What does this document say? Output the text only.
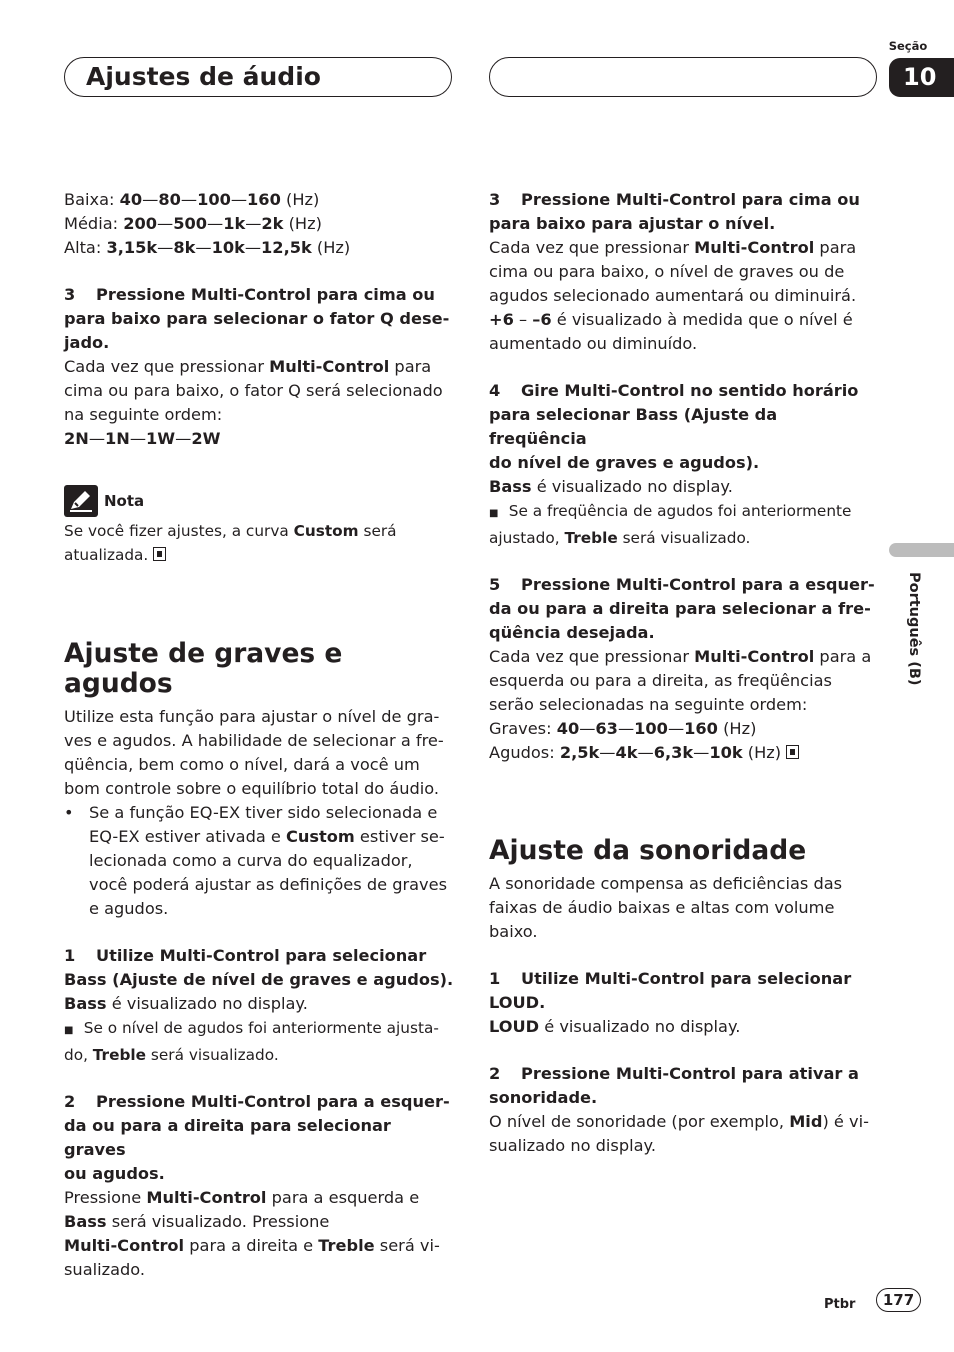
Seção
10
Ajustes de áudio
Português (B)
Baixa: 40—80—100—160 (Hz)
Média: 200—500—1k—2k (Hz)
Alta: 3,15k—8k—10k—12,5k (Hz)
3 Pressione Multi-Control para cima ou
para baixo para selecionar o fator Q dese-
jado.
Cada vez que pressionar Multi-Control para
cima ou para baixo, o fator Q será selecionado
na seguinte ordem:
2N—1N—1W—2W
Nota
Se você fizer ajustes, a curva Custom será
atualizada.
Ajuste de graves e agudos
Utilize esta função para ajustar o nível de gra-
ves e agudos. A habilidade de selecionar a fre-
qüência, bem como o nível, dará a você um
bom controle sobre o equilíbrio total do áudio.
• Se a função EQ-EX tiver sido selecionada e
EQ-EX estiver ativada e Custom estiver se-
lecionada como a curva do equalizador,
você poderá ajustar as definições de graves
e agudos.
1 Utilize Multi-Control para selecionar
Bass (Ajuste de nível de graves e agudos).
Bass é visualizado no display.
■ Se o nível de agudos foi anteriormente ajusta-
do, Treble será visualizado.
2 Pressione Multi-Control para a esquer-
da ou para a direita para selecionar graves
ou agudos.
Pressione Multi-Control para a esquerda e
Bass será visualizado. Pressione
Multi-Control para a direita e Treble será vi-
sualizado.
3 Pressione Multi-Control para cima ou
para baixo para ajustar o nível.
Cada vez que pressionar Multi-Control para
cima ou para baixo, o nível de graves ou de
agudos selecionado aumentará ou diminuirá.
+6 – –6 é visualizado à medida que o nível é
aumentado ou diminuído.
4 Gire Multi-Control no sentido horário
para selecionar Bass (Ajuste da freqüência
do nível de graves e agudos).
Bass é visualizado no display.
■ Se a freqüência de agudos foi anteriormente
ajustado, Treble será visualizado.
5 Pressione Multi-Control para a esquer-
da ou para a direita para selecionar a fre-
qüência desejada.
Cada vez que pressionar Multi-Control para a
esquerda ou para a direita, as freqüências
serão selecionadas na seguinte ordem:
Graves: 40—63—100—160 (Hz)
Agudos: 2,5k—4k—6,3k—10k (Hz)
Ajuste da sonoridade
A sonoridade compensa as deficiências das
faixas de áudio baixas e altas com volume
baixo.
1 Utilize Multi-Control para selecionar
LOUD.
LOUD é visualizado no display.
2 Pressione Multi-Control para ativar a
sonoridade.
O nível de sonoridade (por exemplo, Mid) é vi-
sualizado no display.
Ptbr	177
